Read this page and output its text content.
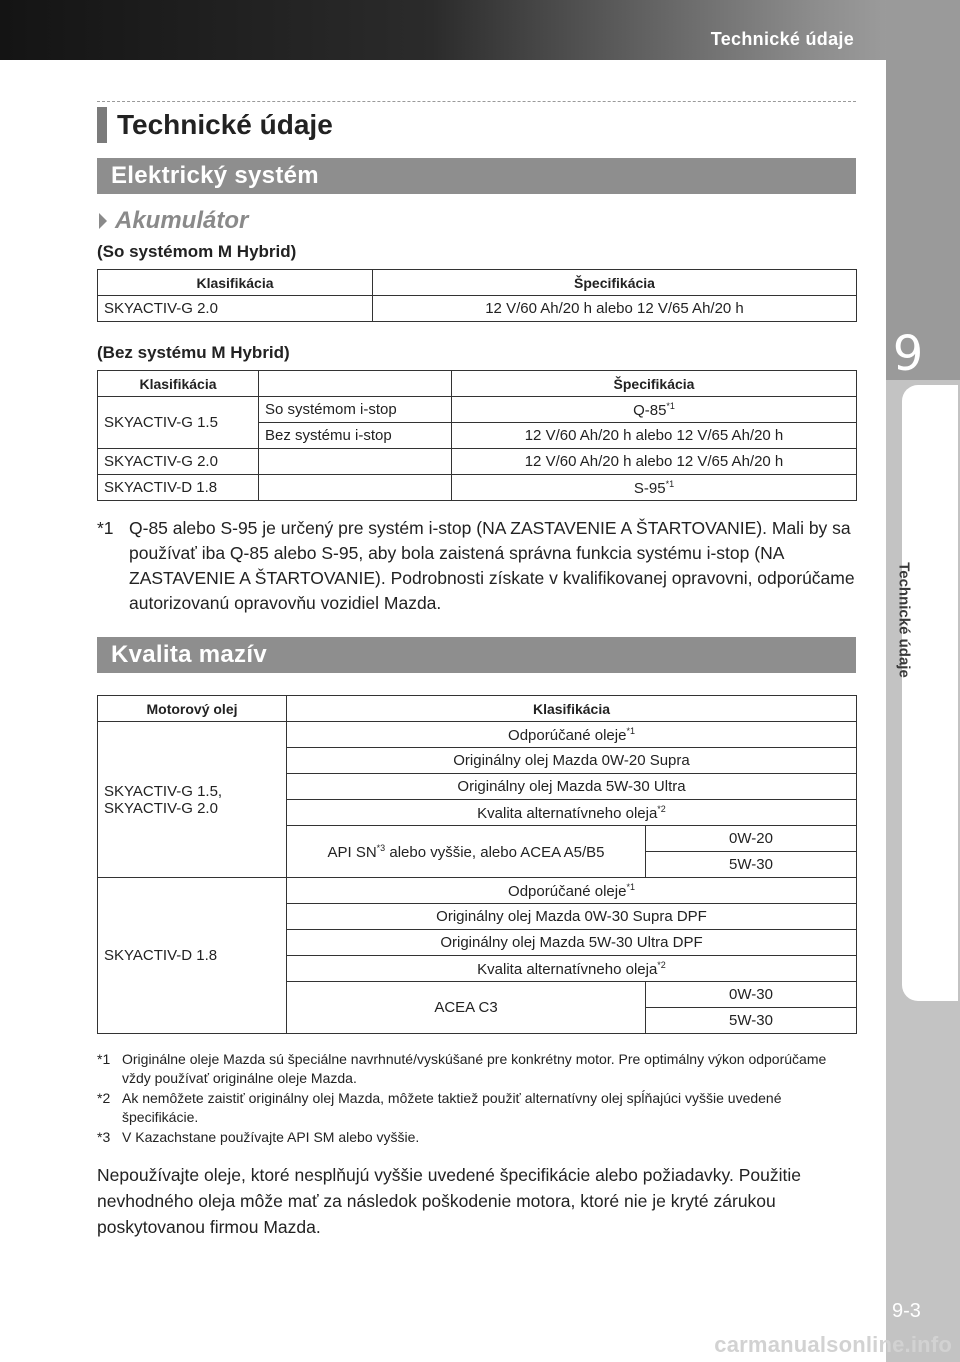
Technické údaje
9
Technické údaje
Technické údaje
Elektrický systém
Akumulátor
(So systémom M Hybrid)
Klasifikácia	Špecifikácia
SKYACTIV-G 2.0	12 V/60 Ah/20 h alebo 12 V/65 Ah/20 h
(Bez systému M Hybrid)
Klasifikácia		Špecifikácia
SKYACTIV-G 1.5	So systémom i-stop	Q-85$^{*1}$
	Bez systému i-stop	12 V/60 Ah/20 h alebo 12 V/65 Ah/20 h
SKYACTIV-G 2.0		12 V/60 Ah/20 h alebo 12 V/65 Ah/20 h
SKYACTIV-D 1.8		S-95$^{*1}$
*1 Q-85 alebo S-95 je určený pre systém i-stop (NA ZASTAVENIE A ŠTARTOVANIE). Mali by sa používať iba Q-85 alebo S-95, aby bola zaistená správna funkcia systému i-stop (NA ZASTAVENIE A ŠTARTOVANIE). Podrobnosti získate v kvalifikovanej opravovni, odporúčame autorizovanú opravovňu vozidiel Mazda.
Kvalita mazív
Motorový olej	Klasifikácia	
SKYACTIV-G 1.5, SKYACTIV-G 2.0	Odporúčané oleje$^{*1}$
	Originálny olej Mazda 0W-20 Supra	
	Originálny olej Mazda 5W-30 Ultra	
	Kvalita alternatívneho oleja$^{*2}$
	API SN$^{*3}$ alebo vyššie, alebo ACEA A5/B5	0W-20
		5W-30
SKYACTIV-D 1.8	Odporúčané oleje$^{*1}$
	Originálny olej Mazda 0W-30 Supra DPF	
	Originálny olej Mazda 5W-30 Ultra DPF	
	Kvalita alternatívneho oleja$^{*2}$
	ACEA C3	0W-30
		5W-30
*1 Originálne oleje Mazda sú špeciálne navrhnuté/vyskúšané pre konkrétny motor. Pre optimálny výkon odporúčame vždy používať originálne oleje Mazda.
*2 Ak nemôžete zaistiť originálny olej Mazda, môžete taktiež použiť alternatívny olej spĺňajúci vyššie uvedené špecifikácie.
*3 V Kazachstane používajte API SM alebo vyššie.
Nepoužívajte oleje, ktoré nesplňujú vyššie uvedené špecifikácie alebo požiadavky. Použitie nevhodného oleja môže mať za následok poškodenie motora, ktoré nie je kryté zárukou poskytovanou firmou Mazda.
9-3
carmanualsonline.info
